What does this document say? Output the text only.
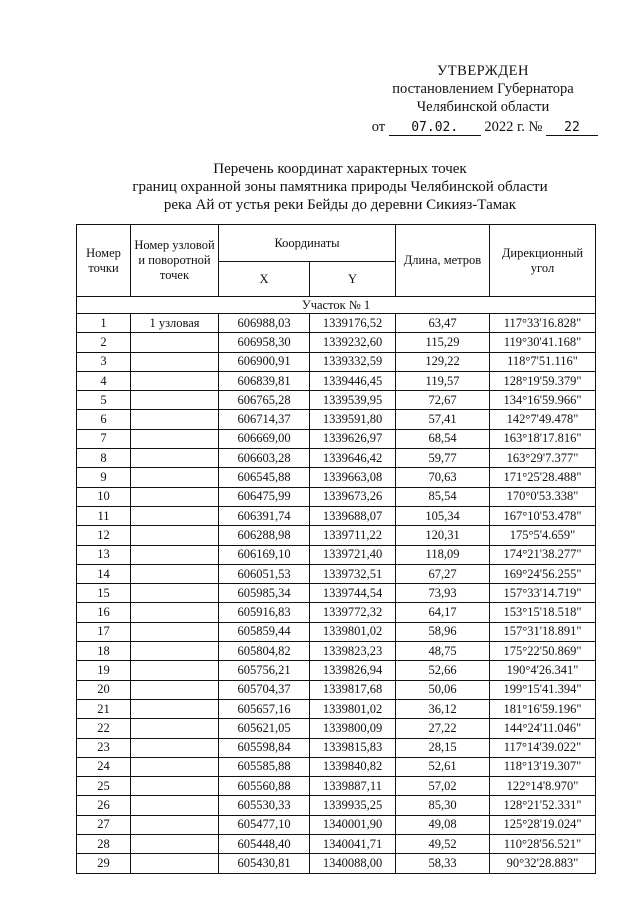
УТВЕРЖДЕН
постановлением Губернатора
Челябинской области
от 07.02. 2022 г. № 22
Перечень координат характерных точек
границ охранной зоны памятника природы Челябинской области
река Ай от устья реки Бейды до деревни Сикияз-Тамак
Номер точки	Номер узловой и поворотной точек	Координаты		Длина, метров	Дирекционный угол
		X	Y		
Участок № 1					
1	1 узловая	606988,03	1339176,52	63,47	117°33'16.828"
2		606958,30	1339232,60	115,29	119°30'41.168"
3		606900,91	1339332,59	129,22	118°7'51.116"
4		606839,81	1339446,45	119,57	128°19'59.379"
5		606765,28	1339539,95	72,67	134°16'59.966"
6		606714,37	1339591,80	57,41	142°7'49.478"
7		606669,00	1339626,97	68,54	163°18'17.816"
8		606603,28	1339646,42	59,77	163°29'7.377"
9		606545,88	1339663,08	70,63	171°25'28.488"
10		606475,99	1339673,26	85,54	170°0'53.338"
11		606391,74	1339688,07	105,34	167°10'53.478"
12		606288,98	1339711,22	120,31	175°5'4.659"
13		606169,10	1339721,40	118,09	174°21'38.277"
14		606051,53	1339732,51	67,27	169°24'56.255"
15		605985,34	1339744,54	73,93	157°33'14.719"
16		605916,83	1339772,32	64,17	153°15'18.518"
17		605859,44	1339801,02	58,96	157°31'18.891"
18		605804,82	1339823,23	48,75	175°22'50.869"
19		605756,21	1339826,94	52,66	190°4'26.341"
20		605704,37	1339817,68	50,06	199°15'41.394"
21		605657,16	1339801,02	36,12	181°16'59.196"
22		605621,05	1339800,09	27,22	144°24'11.046"
23		605598,84	1339815,83	28,15	117°14'39.022"
24		605585,88	1339840,82	52,61	118°13'19.307"
25		605560,88	1339887,11	57,02	122°14'8.970"
26		605530,33	1339935,25	85,30	128°21'52.331"
27		605477,10	1340001,90	49,08	125°28'19.024"
28		605448,40	1340041,71	49,52	110°28'56.521"
29		605430,81	1340088,00	58,33	90°32'28.883"
